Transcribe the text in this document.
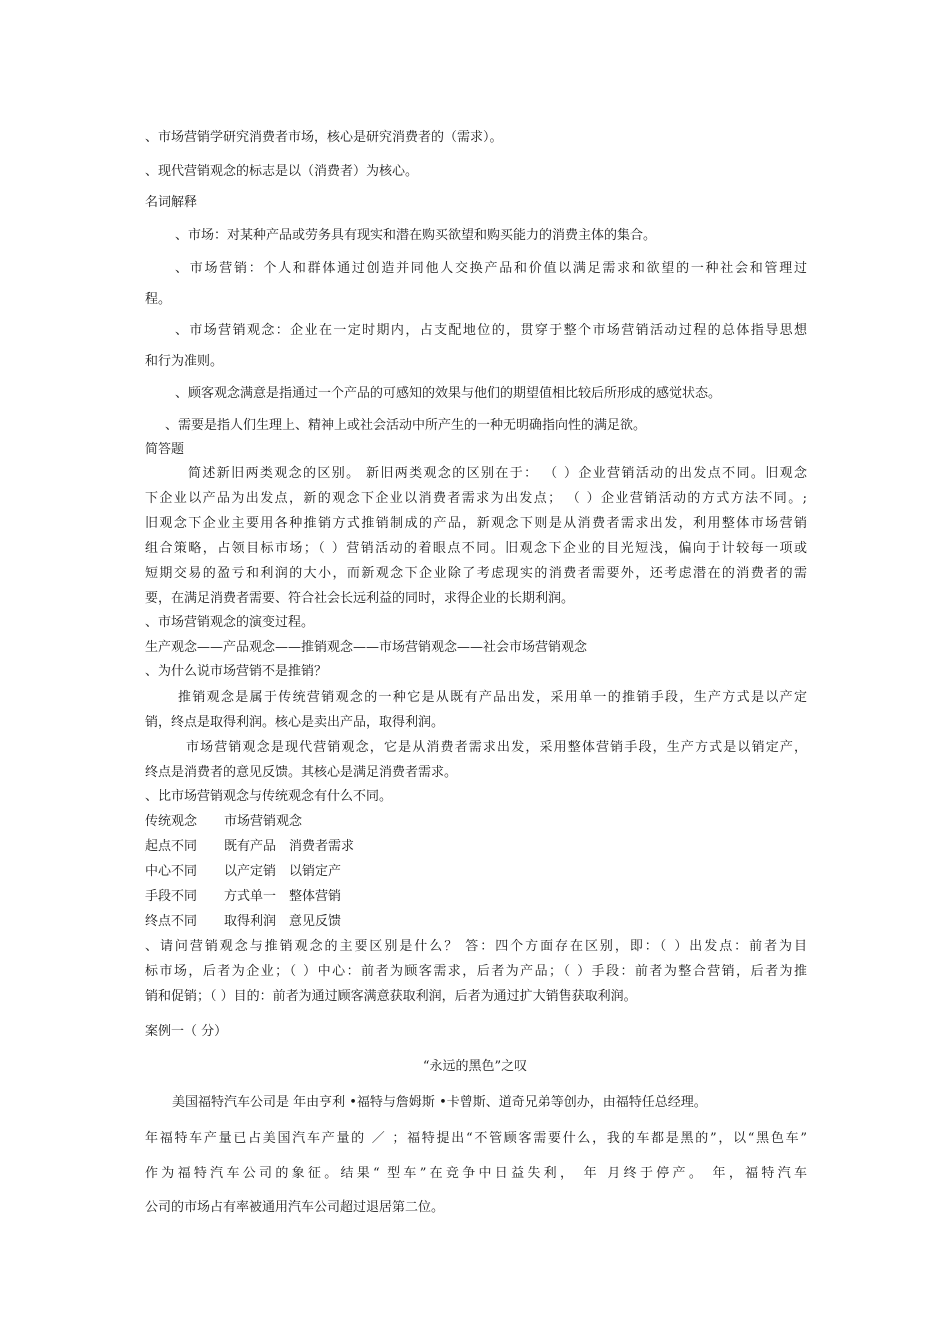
、市场营销学研究消费者市场，核心是研究消费者的（需求）。

、现代营销观念的标志是以（消费者）为核心。

名词解释

、市场：对某种产品或劳务具有现实和潜在购买欲望和购买能力的消费主体的集合。

、市场营销：个人和群体通过创造并同他人交换产品和价值以满足需求和欲望的一种社会和管理过

程。

、市场营销观念：企业在一定时期内，占支配地位的，贯穿于整个市场营销活动过程的总体指导思想

和行为准则。

、顾客观念满意是指通过一个产品的可感知的效果与他们的期望值相比较后所形成的感觉状态。

、需要是指人们生理上、精神上或社会活动中所产生的一种无明确指向性的满足欲。

简答题

简述新旧两类观念的区别。 新旧两类观念的区别在于： （ ）企业营销活动的出发点不同。旧观念

下企业以产品为出发点，新的观念下企业以消费者需求为出发点； （ ）企业营销活动的方式方法不同。;

旧观念下企业主要用各种推销方式推销制成的产品，新观念下则是从消费者需求出发，利用整体市场营销

组合策略，占领目标市场；（ ）营销活动的着眼点不同。旧观念下企业的目光短浅，偏向于计较每一项或

短期交易的盈亏和利润的大小，而新观念下企业除了考虑现实的消费者需要外，还考虑潜在的消费者的需

要，在满足消费者需要、符合社会长远利益的同时，求得企业的长期利润。

、市场营销观念的演变过程。

生产观念——产品观念——推销观念——市场营销观念——社会市场营销观念

、为什么说市场营销不是推销？

推销观念是属于传统营销观念的一种它是从既有产品出发，采用单一的推销手段，生产方式是以产定

销，终点是取得利润。核心是卖出产品，取得利润。

市场营销观念是现代营销观念，它是从消费者需求出发，采用整体营销手段，生产方式是以销定产，

终点是消费者的意见反馈。其核心是满足消费者需求。

、比市场营销观念与传统观念有什么不同。

传统观念 市场营销观念
起点不同 既有产品 消费者需求
中心不同 以产定销 以销定产
手段不同 方式单一 整体营销
终点不同 取得利润 意见反馈

、请问营销观念与推销观念的主要区别是什么？ 答：四个方面存在区别，即：（ ）出发点：前者为目

标市场，后者为企业；（ ）中心：前者为顾客需求，后者为产品；（ ）手段：前者为整合营销，后者为推

销和促销；（ ）目的：前者为通过顾客满意获取利润，后者为通过扩大销售获取利润。

案例一（ 分）

“永远的黑色”之叹

美国福特汽车公司是 年由亨利 •福特与詹姆斯 •卡曾斯、道奇兄弟等创办，由福特任总经理。

年福特车产量已占美国汽车产量的 ／ ；福特提出“不管顾客需要什么，我的车都是黑的”，以“黑色车”

作为福特汽车公司的象征。结果“ 型车”在竞争中日益失利， 年 月终于停产。 年，福特汽车

公司的市场占有率被通用汽车公司超过退居第二位。
